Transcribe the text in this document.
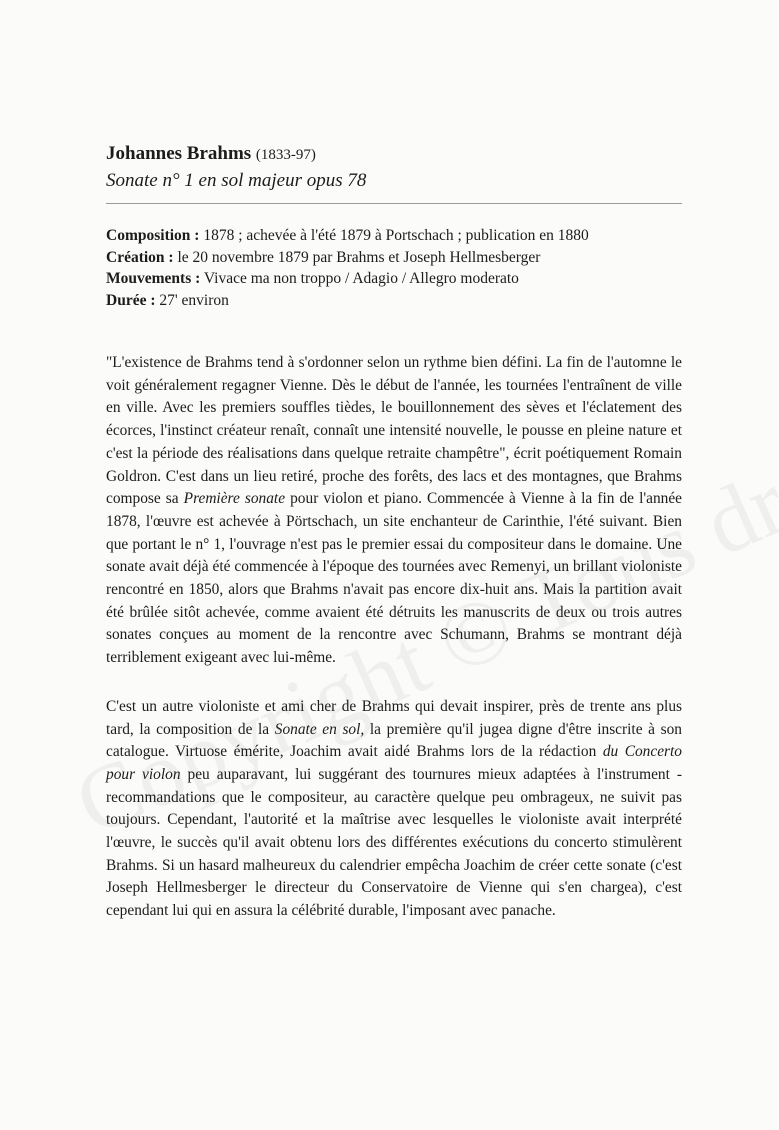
Johannes Brahms (1833-97)
Sonate n° 1 en sol majeur opus 78
Composition : 1878 ; achevée à l'été 1879 à Portschach ; publication en 1880
Création : le 20 novembre 1879 par Brahms et Joseph Hellmesberger
Mouvements : Vivace ma non troppo / Adagio / Allegro moderato
Durée : 27' environ

"L'existence de Brahms tend à s'ordonner selon un rythme bien défini. La fin de l'automne le voit généralement regagner Vienne. Dès le début de l'année, les tournées l'entraînent de ville en ville. Avec les premiers souffles tièdes, le bouillonnement des sèves et l'éclatement des écorces, l'instinct créateur renaît, connaît une intensité nouvelle, le pousse en pleine nature et c'est la période des réalisations dans quelque retraite champêtre", écrit poétiquement Romain Goldron. C'est dans un lieu retiré, proche des forêts, des lacs et des montagnes, que Brahms compose sa Première sonate pour violon et piano. Commencée à Vienne à la fin de l'année 1878, l'œuvre est achevée à Pörtschach, un site enchanteur de Carinthie, l'été suivant. Bien que portant le n° 1, l'ouvrage n'est pas le premier essai du compositeur dans le domaine. Une sonate avait déjà été commencée à l'époque des tournées avec Remenyi, un brillant violoniste rencontré en 1850, alors que Brahms n'avait pas encore dix-huit ans. Mais la partition avait été brûlée sitôt achevée, comme avaient été détruits les manuscrits de deux ou trois autres sonates conçues au moment de la rencontre avec Schumann, Brahms se montrant déjà terriblement exigeant avec lui-même.

C'est un autre violoniste et ami cher de Brahms qui devait inspirer, près de trente ans plus tard, la composition de la Sonate en sol, la première qu'il jugea digne d'être inscrite à son catalogue. Virtuose émérite, Joachim avait aidé Brahms lors de la rédaction du Concerto pour violon peu auparavant, lui suggérant des tournures mieux adaptées à l'instrument - recommandations que le compositeur, au caractère quelque peu ombrageux, ne suivit pas toujours. Cependant, l'autorité et la maîtrise avec lesquelles le violoniste avait interprété l'œuvre, le succès qu'il avait obtenu lors des différentes exécutions du concerto stimulèrent Brahms. Si un hasard malheureux du calendrier empêcha Joachim de créer cette sonate (c'est Joseph Hellmesberger le directeur du Conservatoire de Vienne qui s'en chargea), c'est cependant lui qui en assura la célébrité durable, l'imposant avec panache.
